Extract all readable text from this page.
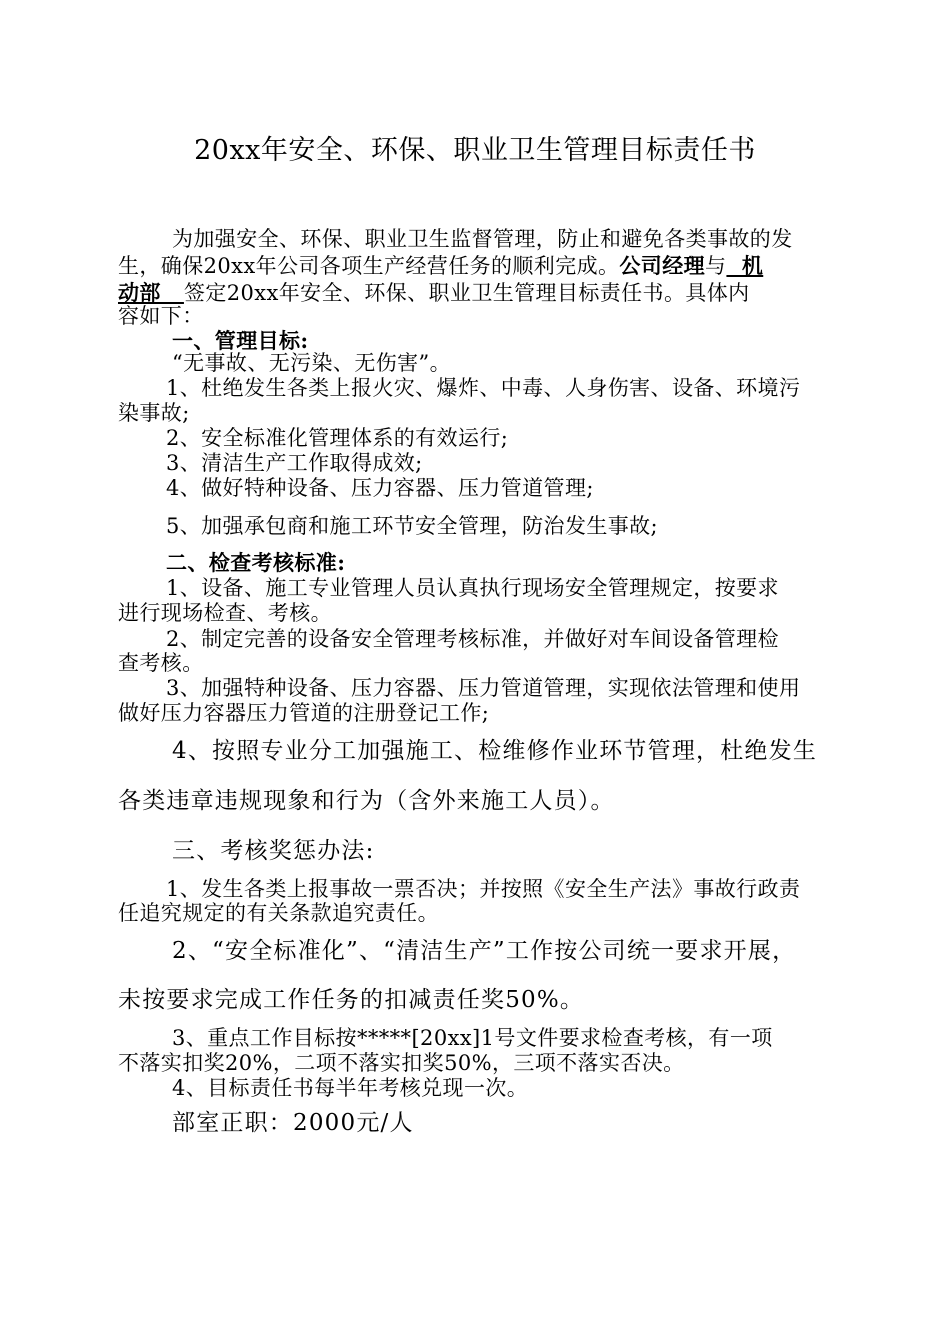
20xx年安全、环保、职业卫生管理目标责任书
为加强安全、环保、职业卫生监督管理，防止和避免各类事故的发
生，确保20xx年公司各项生产经营任务的顺利完成。公司经理与  机
动部   签定20xx年安全、环保、职业卫生管理目标责任书。具体内
容如下：
一、管理目标:
“无事故、无污染、无伤害”。
1、杜绝发生各类上报火灾、爆炸、中毒、人身伤害、设备、环境污
染事故;
2、安全标准化管理体系的有效运行;
3、清洁生产工作取得成效;
4、做好特种设备、压力容器、压力管道管理;
5、加强承包商和施工环节安全管理，防治发生事故;
二、检查考核标准:
1、设备、施工专业管理人员认真执行现场安全管理规定，按要求
进行现场检查、考核。
2、制定完善的设备安全管理考核标准，并做好对车间设备管理检
查考核。
3、加强特种设备、压力容器、压力管道管理，实现依法管理和使用
做好压力容器压力管道的注册登记工作;
4、按照专业分工加强施工、检维修作业环节管理，杜绝发生
各类违章违规现象和行为（含外来施工人员）。
三、考核奖惩办法:
1、发生各类上报事故一票否决；并按照《安全生产法》事故行政责
任追究规定的有关条款追究责任。
2、“安全标准化”、“清洁生产”工作按公司统一要求开展，
未按要求完成工作任务的扣减责任奖50%。
3、重点工作目标按*****[20xx]1号文件要求检查考核，有一项
不落实扣奖20%，二项不落实扣奖50%，三项不落实否决。
4、目标责任书每半年考核兑现一次。
部室正职：2000元/人
